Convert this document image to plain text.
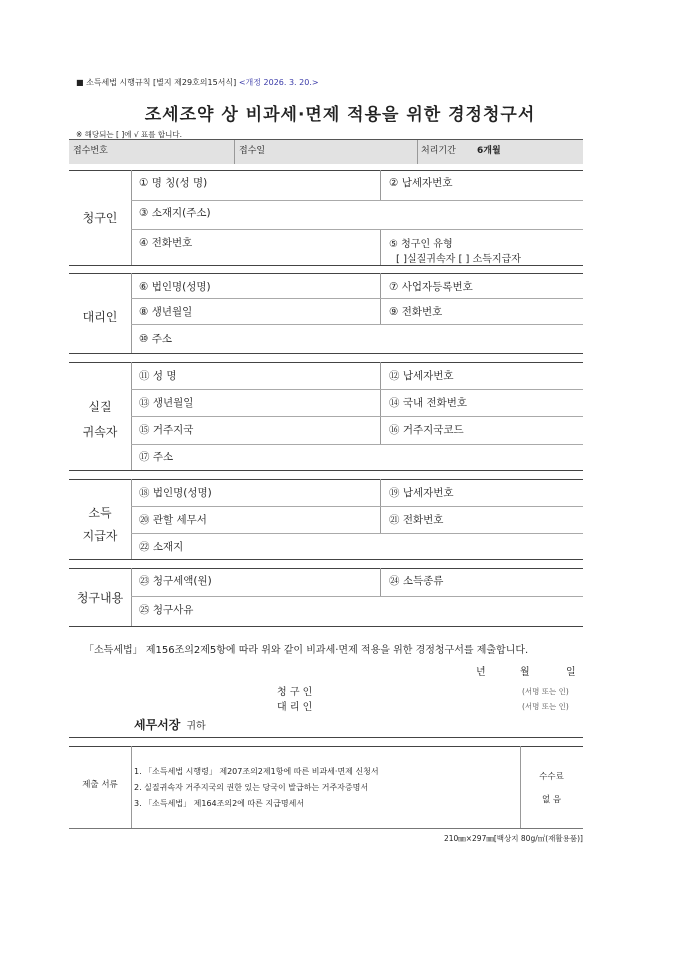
■ 소득세법 시행규칙 [별지 제29호의15서식] <개정 2026. 3. 20.>
조세조약 상 비과세·면제 적용을 위한 경정청구서
※ 해당되는 [ ]에 √ 표를 합니다.
접수번호	접수일	처리기간 6개월
청구인
① 명 칭(성 명)	② 납세자번호
③ 소재지(주소)
④ 전화번호	⑤ 청구인 유형
[ ]실질귀속자 [ ] 소득지급자
대리인
⑥ 법인명(성명)	⑦ 사업자등록번호
⑧ 생년월일	⑨ 전화번호
⑩ 주소
실질
귀속자
⑪ 성 명	⑫ 납세자번호
⑬ 생년월일	⑭ 국내 전화번호
⑮ 거주지국	⑯ 거주지국코드
⑰ 주소
소득
지급자
⑱ 법인명(성명)	⑲ 납세자번호
⑳ 관할 세무서	㉑ 전화번호
㉒ 소재지
청구내용
㉓ 청구세액(원)	㉔ 소득종류
㉕ 청구사유
「소득세법」 제156조의2제5항에 따라 위와 같이 비과세·면제 적용을 위한 경정청구서를 제출합니다.
년	월	일
청 구 인	(서명 또는 인)
대 리 인	(서명 또는 인)
세무서장 귀하
제출 서류
1. 「소득세법 시행령」 제207조의2제1항에 따른 비과세·면제 신청서
2. 실질귀속자 거주지국의 권한 있는 당국이 발급하는 거주자증명서
3. 「소득세법」 제164조의2에 따른 지급명세서
수수료
없 음
210㎜×297㎜[백상지 80g/㎡(재활용품)]
